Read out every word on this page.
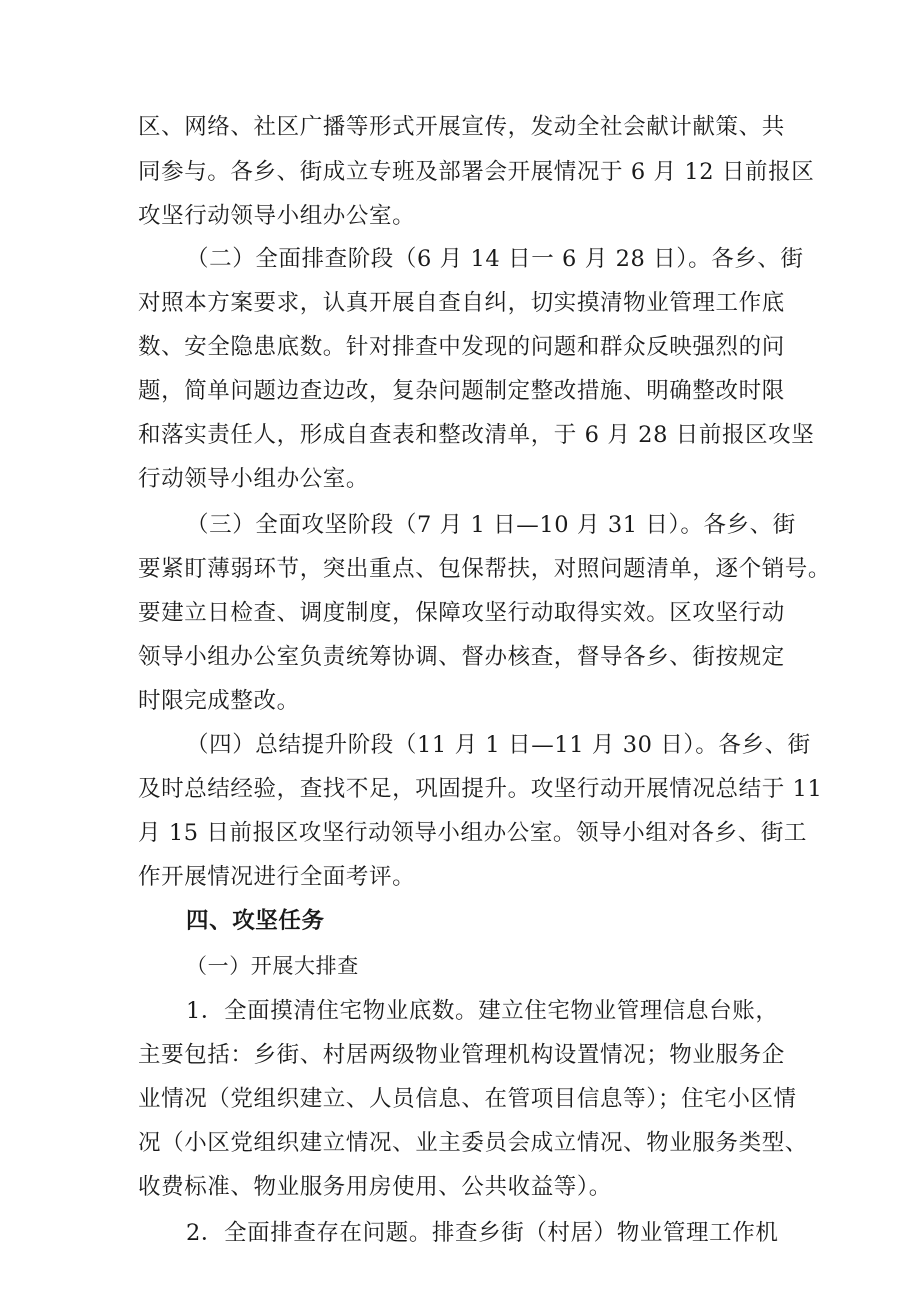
区、网络、社区广播等形式开展宣传，发动全社会献计献策、共
同参与。各乡、街成立专班及部署会开展情况于 6 月 12 日前报区
攻坚行动领导小组办公室。
（二）全面排查阶段（6 月 14 日一 6 月 28 日）。各乡、街
对照本方案要求，认真开展自查自纠，切实摸清物业管理工作底
数、安全隐患底数。针对排查中发现的问题和群众反映强烈的问
题，简单问题边查边改，复杂问题制定整改措施、明确整改时限
和落实责任人，形成自查表和整改清单，于 6 月 28 日前报区攻坚
行动领导小组办公室。
（三）全面攻坚阶段（7 月 1 日—10 月 31 日）。各乡、街
要紧盯薄弱环节，突出重点、包保帮扶，对照问题清单，逐个销号。
要建立日检查、调度制度，保障攻坚行动取得实效。区攻坚行动
领导小组办公室负责统筹协调、督办核查，督导各乡、街按规定
时限完成整改。
（四）总结提升阶段（11 月 1 日—11 月 30 日）。各乡、街
及时总结经验，查找不足，巩固提升。攻坚行动开展情况总结于 11
月 15 日前报区攻坚行动领导小组办公室。领导小组对各乡、街工
作开展情况进行全面考评。
四、攻坚任务
（一）开展大排查
1．全面摸清住宅物业底数。建立住宅物业管理信息台账，
主要包括：乡街、村居两级物业管理机构设置情况；物业服务企
业情况（党组织建立、人员信息、在管项目信息等）；住宅小区情
况（小区党组织建立情况、业主委员会成立情况、物业服务类型、
收费标准、物业服务用房使用、公共收益等）。
2．全面排查存在问题。排查乡街（村居）物业管理工作机
